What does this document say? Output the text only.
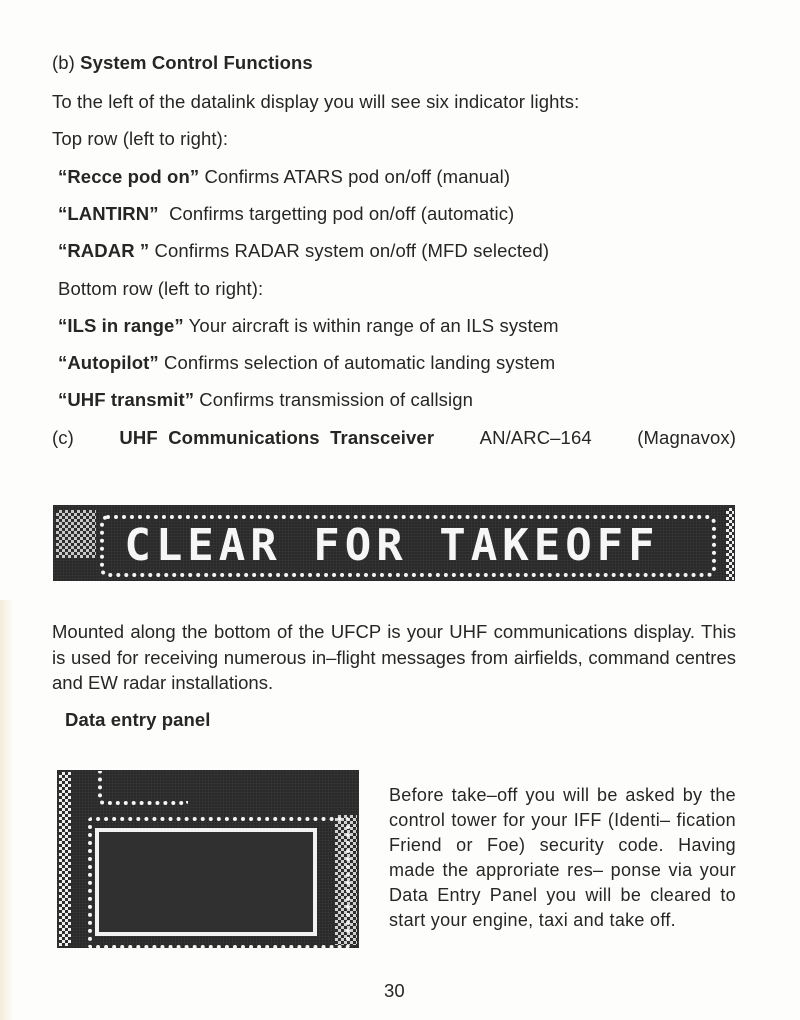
(b) System Control Functions
To the left of the datalink display you will see six indicator lights:
Top row (left to right):
“Recce pod on” Confirms ATARS pod on/off (manual)
“LANTIRN”  Confirms targetting pod on/off (automatic)
“RADAR ” Confirms RADAR system on/off (MFD selected)
Bottom row (left to right):
“ILS in range” Your aircraft is within range of an ILS system
“Autopilot” Confirms selection of automatic landing system
“UHF transmit” Confirms transmission of callsign
(c) UHF  Communications  Transceiver AN/ARC–164 (Magnavox)
CLEAR FOR TAKEOFF
Mounted along the bottom of the UFCP is your UHF communications display. This is used for receiving numerous in–flight messages from airfields, command centres and EW radar installations.
Data entry panel
Before take–off you will be asked by the control tower for your IFF (Identi– fication Friend or Foe) security code. Having made the approriate res– ponse via your Data Entry Panel you will be cleared to start your engine, taxi and take off.
30
